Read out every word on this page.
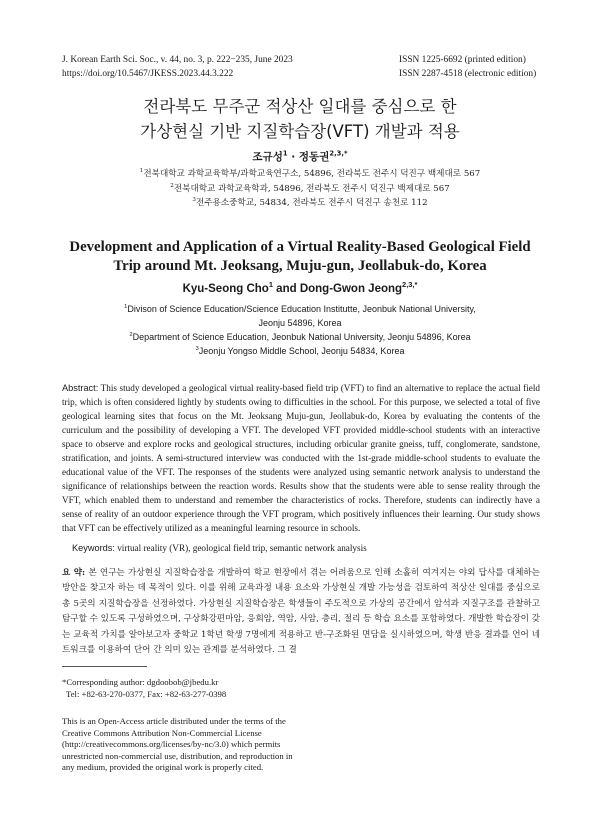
J. Korean Earth Sci. Soc., v. 44, no. 3, p. 222−235, June 2023
https://doi.org/10.5467/JKESS.2023.44.3.222
ISSN 1225-6692 (printed edition)
ISSN 2287-4518 (electronic edition)
전라북도 무주군 적상산 일대를 중심으로 한
가상현실 기반 지질학습장(VFT) 개발과 적용
조규성$^1$ · 정동권$^{2,3,*}$
$^1$전북대학교 과학교육학부/과학교육연구소, 54896, 전라북도 전주시 덕진구 백제대로 567
$^2$전북대학교 과학교육학과, 54896, 전라북도 전주시 덕진구 백제대로 567
$^3$전주용소중학교, 54834, 전라북도 전주시 덕진구 송천로 112
Development and Application of a Virtual Reality-Based Geological Field
Trip around Mt. Jeoksang, Muju-gun, Jeollabuk-do, Korea
Kyu-Seong Cho$^1$ and Dong-Gwon Jeong$^{2,3,*}$
$^1$Divison of Science Education/Science Education Institutte, Jeonbuk National University,
Jeonju 54896, Korea
$^2$Department of Science Education, Jeonbuk National University, Jeonju 54896, Korea
$^3$Jeonju Yongso Middle School, Jeonju 54834, Korea
Abstract: This study developed a geological virtual reality-based field trip (VFT) to find an alternative to replace the actual field trip, which is often considered lightly by students owing to difficulties in the school. For this purpose, we selected a total of five geological learning sites that focus on the Mt. Jeoksang Muju-gun, Jeollabuk-do, Korea by evaluating the contents of the curriculum and the possibility of developing a VFT. The developed VFT provided middle-school students with an interactive space to observe and explore rocks and geological structures, including orbicular granite gneiss, tuff, conglomerate, sandstone, stratification, and joints. A semi-structured interview was conducted with the 1st-grade middle-school students to evaluate the educational value of the VFT. The responses of the students were analyzed using semantic network analysis to understand the significance of relationships between the reaction words. Results show that the students were able to sense reality through the VFT, which enabled them to understand and remember the characteristics of rocks. Therefore, students can indirectly have a sense of reality of an outdoor experience through the VFT program, which positively influences their learning. Our study shows that VFT can be effectively utilized as a meaningful learning resource in schools.
Keywords: virtual reality (VR), geological field trip, semantic network analysis
요 약: 본 연구는 가상현실 지질학습장을 개발하여 학교 현장에서 겪는 어려움으로 인해 소홀히 여겨지는 야외 답사를 대체하는 방안을 찾고자 하는 데 목적이 있다. 이를 위해 교육과정 내용 요소와 가상현실 개발 가능성을 검토하여 적상산 일대를 중심으로 총 5곳의 지질학습장을 선정하였다. 가상현실 지질학습장은 학생들이 주도적으로 가상의 공간에서 암석과 지질구조를 관찰하고 탐구할 수 있도록 구성하였으며, 구상화강편마암, 응회암, 역암, 사암, 층리, 절리 등 학습 요소를 포함하였다. 개발한 학습장이 갖는 교육적 가치를 알아보고자 중학교 1학년 학생 7명에게 적용하고 반-구조화된 면담을 실시하였으며, 학생 반응 결과를 언어 네트워크를 이용하여 단어 간 의미 있는 관계를 분석하였다. 그 결
*Corresponding author: dgdoobob@jbedu.kr
Tel: +82-63-270-0377, Fax: +82-63-277-0398
This is an Open-Access article distributed under the terms of the Creative Commons Attribution Non-Commercial License (http://creativecommons.org/licenses/by-nc/3.0) which permits unrestricted non-commercial use, distribution, and reproduction in any medium, provided the original work is properly cited.
